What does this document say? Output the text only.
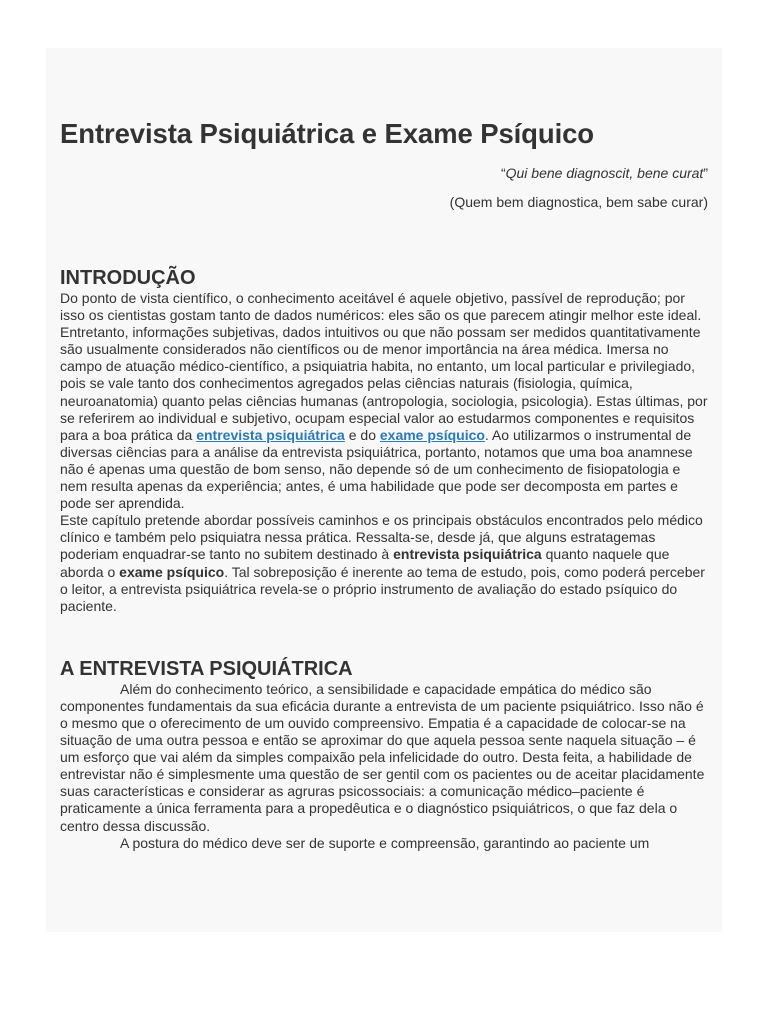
Entrevista Psiquiátrica e Exame Psíquico

“Qui bene diagnoscit, bene curat”

(Quem bem diagnostica, bem sabe curar)

INTRODUÇÃO

Do ponto de vista científico, o conhecimento aceitável é aquele objetivo, passível de reprodução; por isso os cientistas gostam tanto de dados numéricos: eles são os que parecem atingir melhor este ideal. Entretanto, informações subjetivas, dados intuitivos ou que não possam ser medidos quantitativamente são usualmente considerados não científicos ou de menor importância na área médica. Imersa no campo de atuação médico-científico, a psiquiatria habita, no entanto, um local particular e privilegiado, pois se vale tanto dos conhecimentos agregados pelas ciências naturais (fisiologia, química, neuroanatomia) quanto pelas ciências humanas (antropologia, sociologia, psicologia). Estas últimas, por se referirem ao individual e subjetivo, ocupam especial valor ao estudarmos componentes e requisitos para a boa prática da entrevista psiquiátrica e do exame psíquico. Ao utilizarmos o instrumental de diversas ciências para a análise da entrevista psiquiátrica, portanto, notamos que uma boa anamnese não é apenas uma questão de bom senso, não depende só de um conhecimento de fisiopatologia e nem resulta apenas da experiência; antes, é uma habilidade que pode ser decomposta em partes e pode ser aprendida.

Este capítulo pretende abordar possíveis caminhos e os principais obstáculos encontrados pelo médico clínico e também pelo psiquiatra nessa prática. Ressalta-se, desde já, que alguns estratagemas poderiam enquadrar-se tanto no subitem destinado à entrevista psiquiátrica quanto naquele que aborda o exame psíquico. Tal sobreposição é inerente ao tema de estudo, pois, como poderá perceber o leitor, a entrevista psiquiátrica revela-se o próprio instrumento de avaliação do estado psíquico do paciente.

A ENTREVISTA PSIQUIÁTRICA

Além do conhecimento teórico, a sensibilidade e capacidade empática do médico são componentes fundamentais da sua eficácia durante a entrevista de um paciente psiquiátrico. Isso não é o mesmo que o oferecimento de um ouvido compreensivo. Empatia é a capacidade de colocar-se na situação de uma outra pessoa e então se aproximar do que aquela pessoa sente naquela situação – é um esforço que vai além da simples compaixão pela infelicidade do outro. Desta feita, a habilidade de entrevistar não é simplesmente uma questão de ser gentil com os pacientes ou de aceitar placidamente suas características e considerar as agruras psicossociais: a comunicação médico–paciente é praticamente a única ferramenta para a propedêutica e o diagnóstico psiquiátricos, o que faz dela o centro dessa discussão.

A postura do médico deve ser de suporte e compreensão, garantindo ao paciente um
